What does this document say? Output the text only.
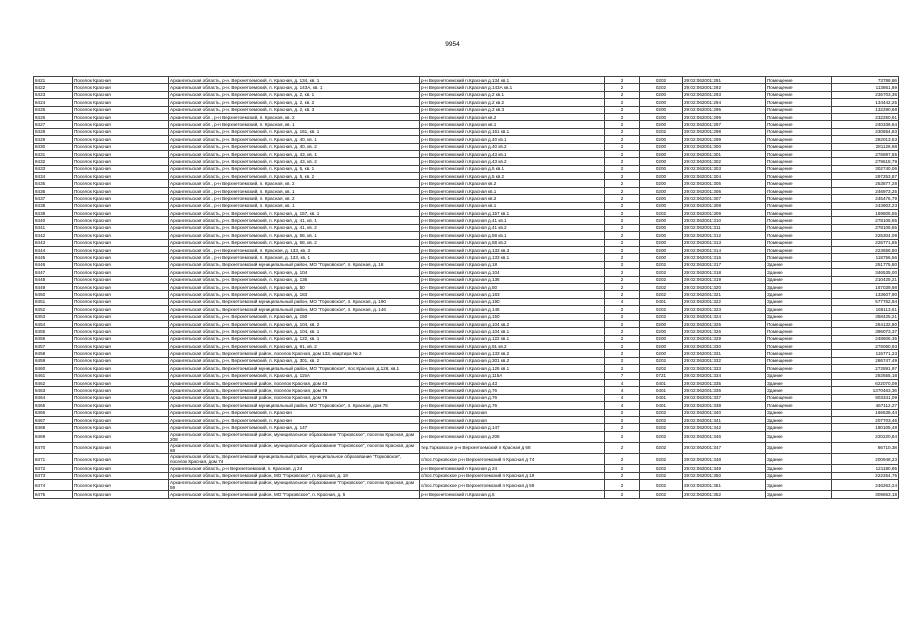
9954
8421	Поселок Красная	Архангельская область, р-н. Верхнетоемский, п. Красная, д. 134, кв. 1	р-н Верхнетоемский п.Красная д.134 кв.1	2	0202	29:02:062001:291	Помещение	73788,86
8422	Поселок Красная	Архангельская область, р-н. Верхнетоемский, п. Красная, д. 143А, кв. 1	р-н Верхнетоемский п.Красная д.143А кв.1	2	0202	29:02:062001:292	Помещение	113861,89
8423	Поселок Красная	Архангельская область, р-н. Верхнетоемский, п. Красная, д. 2, кв. 1	р-н Верхнетоемский п.Красная д.2 кв.1	2	0200	29:02:062001:293	Помещение	236703,36
8424	Поселок Красная	Архангельская область, р-н. Верхнетоемский, п. Красная, д. 2, кв. 2	р-н Верхнетоемский п.Красная д.2 кв.2	2	0200	29:02:062001:294	Помещение	134442,25
8425	Поселок Красная	Архангельская область, р-н. Верхнетоемский, п. Красная, д. 2, кв. 3	р-н Верхнетоемский п.Красная д.2 кв.3	2	0200	29:02:062001:295	Помещение	132290,68
8426	Поселок Красная	Архангельская обл., р-н Верхнетоемский, п. Красная, кв. 2	р-н Верхнетоемский п.Красная кв.2	2	0200	29:02:062001:296	Помещение	232250,81
8427	Поселок Красная	Архангельская обл., р-н Верхнетоемский, п. Красная, кв. 1	р-н Верхнетоемский п.Красная кв.1	2	0200	29:02:062001:297	Помещение	240336,64
8428	Поселок Красная	Архангельская область, р-н. Верхнетоемский, п. Красная, д. 161, кв. 1	р-н Верхнетоемский п.Красная д.161 кв.1	2	0202	29:02:062001:298	Помещение	230654,83
8429	Поселок Красная	Архангельская область, р-н. Верхнетоемский, п. Красная, д. 40, кв. 1	р-н Верхнетоемский п.Красная д.40 кв.1	2	0200	29:02:062001:299	Помещение	282013,53
8430	Поселок Красная	Архангельская область, р-н. Верхнетоемский, п. Красная, д. 40, кв. 2	р-н Верхнетоемский п.Красная д.40 кв.2	2	0200	29:02:062001:300	Помещение	281126,68
8431	Поселок Красная	Архангельская область, р-н. Верхнетоемский, п. Красная, д. 43, кв. 1	р-н Верхнетоемский п.Красная д.43 кв.1	2	0200	29:02:062001:301	Помещение	276897,55
8432	Поселок Красная	Архангельская область, р-н. Верхнетоемский, п. Красная, д. 43, кв. 2	р-н Верхнетоемский п.Красная д.43 кв.2	2	0200	29:02:062001:302	Помещение	279618,79
8433	Поселок Красная	Архангельская область, р-н. Верхнетоемский, п. Красная, д. 5, кв. 1	р-н Верхнетоемский п.Красная д.5 кв.1	2	0200	29:02:062001:303	Помещение	302740,06
8434	Поселок Красная	Архангельская область, р-н. Верхнетоемский, п. Красная, д. 5, кв. 2	р-н Верхнетоемский п.Красная д.5 кв.2	2	0200	29:02:062001:304	Помещение	297253,87
8435	Поселок Красная	Архангельская обл., р-н Верхнетоемский, п. Красная, кв. 2	р-н Верхнетоемский п.Красная кв.2	2	0200	29:02:062001:305	Помещение	253877,28
8436	Поселок Красная	Архангельская обл., р-н Верхнетоемский, п. Красная, кв. 1	р-н Верхнетоемский п.Красная кв.1	2	0200	29:02:062001:306	Помещение	246973,25
8437	Поселок Красная	Архангельская обл., р-н Верхнетоемский, п. Красная, кв. 2	р-н Верхнетоемский п.Красная кв.2	2	0200	29:02:062001:307	Помещение	245476,79
8438	Поселок Красная	Архангельская обл., р-н Верхнетоемский, п. Красная, кв. 1	р-н Верхнетоемский п.Красная кв.1	2	0200	29:02:062001:308	Помещение	243903,23
8439	Поселок Красная	Архангельская область, р-н. Верхнетоемский, п. Красная, д. 157, кв. 1	р-н Верхнетоемский п.Красная д.157 кв.1	2	0202	29:02:062001:309	Помещение	169805,55
8440	Поселок Красная	Архангельская область, р-н. Верхнетоемский, п. Красная, д. 41, кв. 1	р-н Верхнетоемский п.Красная д.41 кв.1	2	0200	29:02:062001:310	Помещение	278105,65
8441	Поселок Красная	Архангельская область, р-н. Верхнетоемский, п. Красная, д. 41, кв. 2	р-н Верхнетоемский п.Красная д.41 кв.2	2	0200	29:02:062001:311	Помещение	278105,65
8442	Поселок Красная	Архангельская область, р-н. Верхнетоемский, п. Красная, д. 58, кв. 1	р-н Верхнетоемский п.Красная д.58 кв.1	2	0200	29:02:062001:312	Помещение	225304,09
8443	Поселок Красная	Архангельская область, р-н. Верхнетоемский, п. Красная, д. 58, кв. 2	р-н Верхнетоемский п.Красная д.58 кв.2	2	0200	29:02:062001:313	Помещение	226771,55
8444	Поселок Красная	Архангельская обл., р-н Верхнетоемский, п. Красная, д. 133, кв. 3	р-н Верхнетоемский п.Красная д.133 кв.3	2	0200	29:02:062001:314	Помещение	223656,80
8445	Поселок Красная	Архангельская обл., р-н Верхнетоемский, п. Красная, д. 133, кв. 1	р-н Верхнетоемский п.Красная д.133 кв.1	2	0200	29:02:062001:316	Помещение	118756,56
8446	Поселок Красная	Архангельская область, Верхнетоемский муниципальный район, МО "Горковское", п. Красная, д. 18	р-н Верхнетоемский п.Красная д.18	2	0202	29:02:062001:317	Здание	251775,80
8447	Поселок Красная	Архангельская область, р-н. Верхнетоемский, п. Красная, д. 104	р-н Верхнетоемский п.Красная д.104	2	0202	29:02:062001:318	Здание	346535,00
8448	Поселок Красная	Архангельская область, р-н. Верхнетоемский, п. Красная, д. 136	р-н Верхнетоемский п.Красная д.136	2	0202	29:02:062001:319	Здание	210425,21
8449	Поселок Красная	Архангельская область, р-н. Верхнетоемский, п. Красная, д. 50	р-н Верхнетоемский п.Красная д.50	2	0202	29:02:062001:320	Здание	167039,98
8450	Поселок Красная	Архангельская область, р-н. Верхнетоемский, п. Красная, д. 183	р-н Верхнетоемский п.Красная д.183	2	0202	29:02:062001:321	Здание	133607,90
8451	Поселок Красная	Архангельская область, Верхнетоемский муниципальный район, МО "Горковское", п. Красная, д. 190	р-н Верхнетоемский п.Красная д.190	4	0401	29:02:062001:322	Здание	577762,94
8452	Поселок Красная	Архангельская область, Верхнетоемский муниципальный район, МО "Горковское", п. Красная, д. 146	р-н Верхнетоемский п.Красная д.146	2	0202	29:02:062001:323	Здание	166113,61
8453	Поселок Красная	Архангельская область, р-н. Верхнетоемский, п. Красная, д. 150	р-н Верхнетоемский п.Красная д.150	2	0202	29:02:062001:324	Здание	358425,21
8454	Поселок Красная	Архангельская область, р-н. Верхнетоемский, п. Красная, д. 104, кв. 2	р-н Верхнетоемский п.Красная д.104 кв.2	2	0200	29:02:062001:325	Помещение	264132,80
8455	Поселок Красная	Архангельская область, р-н. Верхнетоемский, п. Красная, д. 104, кв. 1	р-н Верхнетоемский п.Красная д.104 кв.1	2	0200	29:02:062001:326	Помещение	396073,37
8456	Поселок Красная	Архангельская область, р-н. Верхнетоемский, п. Красная, д. 122, кв. 1	р-н Верхнетоемский п.Красная д.122 кв.1	2	0200	29:02:062001:329	Помещение	248606,35
8457	Поселок Красная	Архангельская область, р-н. Верхнетоемский, п. Красная, д. 91, кв. 2	р-н Верхнетоемский п.Красная д.91 кв.2	2	0200	29:02:062001:330	Помещение	276060,93
8458	Поселок Красная	Архангельская область, Верхнетоемский район, поселок Красная, дом 133, квартира № 2	р-н Верхнетоемский п.Красная д.133 кв.2	2	0200	29:02:062001:331	Помещение	116771,23
8459	Поселок Красная	Архангельская область, р-н. Верхнетоемский, п. Красная, д. 301, кв. 2	р-н Верхнетоемский п.Красная д.301 кв.2	2	0202	29:02:062001:332	Помещение	286747,49
8460	Поселок Красная	Архангельская область, Верхнетоемский муниципальный район, МО "Горковское", пос.Красная, д.126, кв.1	р-н Верхнетоемский п.Красная д.126 кв.1	2	0202	29:02:062001:333	Помещение	272891,97
8461	Поселок Красная	Архангельская область, р-н. Верхнетоемский, п. Красная, д. 115А	р-н Верхнетоемский п.Красная д.115А	7	0721	29:02:062001:334	Здание	282555,18
8462	Поселок Красная	Архангельская область, Верхнетоемский район, поселок Красная, дом 43	р-н Верхнетоемский п.Красная д.43	4	0401	29:02:062001:335	Здание	622070,09
8463	Поселок Красная	Архангельская область, Верхнетоемский район, поселок Красная, дом 76	р-н Верхнетоемский п.Красная д.76	4	0401	29:02:062001:336	Здание	1370463,36
8464	Поселок Красная	Архангельская область, Верхнетоемский район, поселок Красная, дом 76	р-н Верхнетоемский п.Красная д.76	4	0401	29:02:062001:337	Помещение	903341,09
8465	Поселок Красная	Архангельская область, Верхнетоемский муниципальный район, МО "Горковское", п. Красная, дом 76	р-н Верхнетоемский п.Красная д.76	4	0401	29:02:062001:338	Помещение	467112,27
8466	Поселок Красная	Архангельская область, р-н. Верхнетоемский, п. Красная	р-н Верхнетоемский п.Красная	2	0202	29:02:062001:340	Здание	166638,44
8467	Поселок Красная	Архангельская область, р-н. Верхнетоемский, п. Красная	р-н Верхнетоемский п.Красная	2	0202	29:02:062001:341	Здание	207703,46
8468	Поселок Красная	Архангельская область, р-н. Верхнетоемский, п. Красная, д. 147	р-н Верхнетоемский п.Красная д.147	2	0202	29:02:062001:342	Здание	180105,48
8469	Поселок Красная	Архангельская область, Верхнетоемский район, муниципальное образование "Горковское", поселок Красная, дом 208	р-н Верхнетоемский п.Красная д.208	2	0202	29:02:062001:346	Здание	220220,84
8470	Поселок Красная	Архангельская область, Верхнетоемский район, муниципальное образование "Горковское", поселок Красная, дом 68	тер.Горковское р-н Верхнетоемский п Красная д 68	2	0202	29:02:062001:347	Здание	86710,38
8471	Поселок Красная	Архангельская область, Верхнетоемский муниципальный район, муниципальное образование "Горковское", поселок Красная, дом 74	с/пос.Горковское р-н Верхнетоемский п Красная д 74	2	0202	29:02:062001:348	Здание	200948,23
8472	Поселок Красная	Архангельская область, р-н Верхнетоемский, п. Красная, д 24	р-н Верхнетоемский п Красная д 24	2	0202	29:02:062001:349	Здание	121180,85
8473	Поселок Красная	Архангельская область, Верхнетоемский район, МО "Горковское", п. Красная, д. 19	с/пос.Горковское р-н Верхнетоемский п Красная д 19	2	0202	29:02:062001:350	Здание	222254,75
8474	Поселок Красная	Архангельская область, Верхнетоемский район, муниципальное образование "Горковское", поселок Красная, дом 59	с/пос.Горковское р-н Верхнетоемский п Красная д 59	2	0202	29:02:062001:351	Здание	246263,24
8475	Поселок Красная	Архангельская область, Верхнетоемский район, МО "Горковское", п. Красная, д. 5	р-н Верхнетоемский п.Красная д.5	2	0202	29:02:062001:352	Здание	309653,18
